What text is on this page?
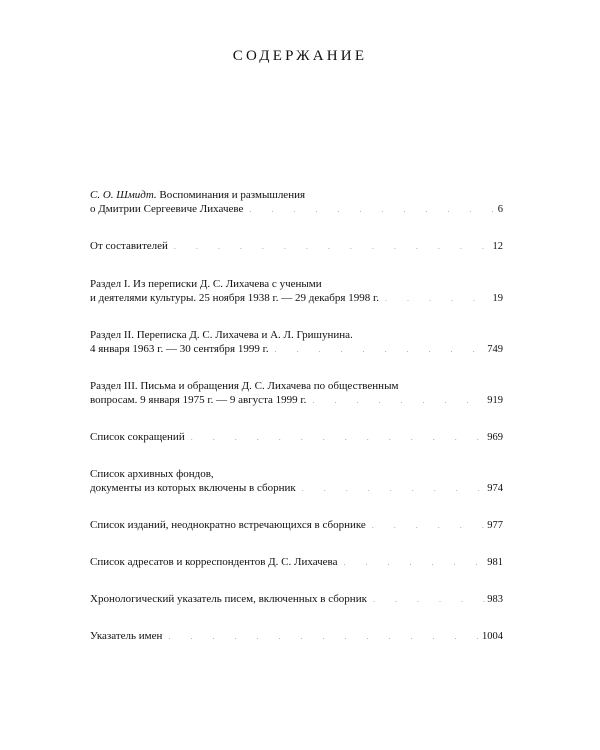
СОДЕРЖАНИЕ
С. О. Шмидт. Воспоминания и размышления
о Дмитрии Сергеевиче Лихачеве .	6
От составителей .	12
Раздел I. Из переписки Д. С. Лихачева с учеными
и деятелями культуры. 25 ноября 1938 г. — 29 декабря 1998 г. .	19
Раздел II. Переписка Д. С. Лихачева и А. Л. Гришунина.
4 января 1963 г. — 30 сентября 1999 г. .	749
Раздел III. Письма и обращения Д. С. Лихачева по общественным
вопросам. 9 января 1975 г. — 9 августа 1999 г. .	919
Список сокращений .	969
Список архивных фондов,
документы из которых включены в сборник .	974
Список изданий, неоднократно встречающихся в сборнике .	977
Список адресатов и корреспондентов Д. С. Лихачева .	981
Хронологический указатель писем, включенных в сборник .	983
Указатель имен .	1004
